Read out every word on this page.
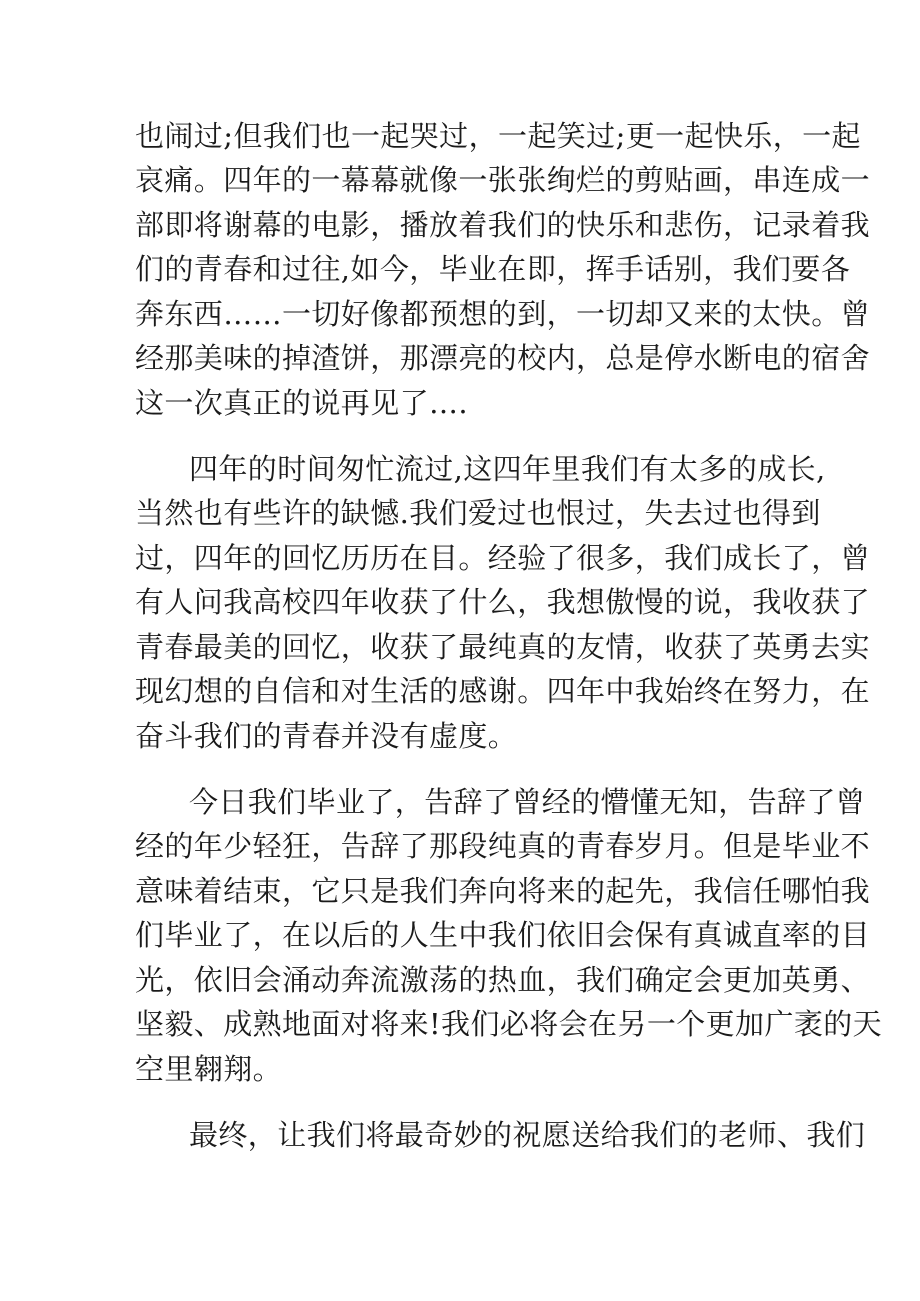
也闹过;但我们也一起哭过，一起笑过;更一起快乐，一起

哀痛。四年的一幕幕就像一张张绚烂的剪贴画，串连成一

部即将谢幕的电影，播放着我们的快乐和悲伤，记录着我

们的青春和过往,如今，毕业在即，挥手话别，我们要各

奔东西……一切好像都预想的到，一切却又来的太快。曾

经那美味的掉渣饼，那漂亮的校内，总是停水断电的宿舍

这一次真正的说再见了….

四年的时间匆忙流过,这四年里我们有太多的成长,

当然也有些许的缺憾.我们爱过也恨过，失去过也得到

过，四年的回忆历历在目。经验了很多，我们成长了，曾

有人问我高校四年收获了什么，我想傲慢的说，我收获了

青春最美的回忆，收获了最纯真的友情，收获了英勇去实

现幻想的自信和对生活的感谢。四年中我始终在努力，在

奋斗我们的青春并没有虚度。

今日我们毕业了，告辞了曾经的懵懂无知，告辞了曾

经的年少轻狂，告辞了那段纯真的青春岁月。但是毕业不

意味着结束，它只是我们奔向将来的起先，我信任哪怕我

们毕业了，在以后的人生中我们依旧会保有真诚直率的目

光，依旧会涌动奔流激荡的热血，我们确定会更加英勇、

坚毅、成熟地面对将来!我们必将会在另一个更加广袤的天

空里翱翔。

最终，让我们将最奇妙的祝愿送给我们的老师、我们
